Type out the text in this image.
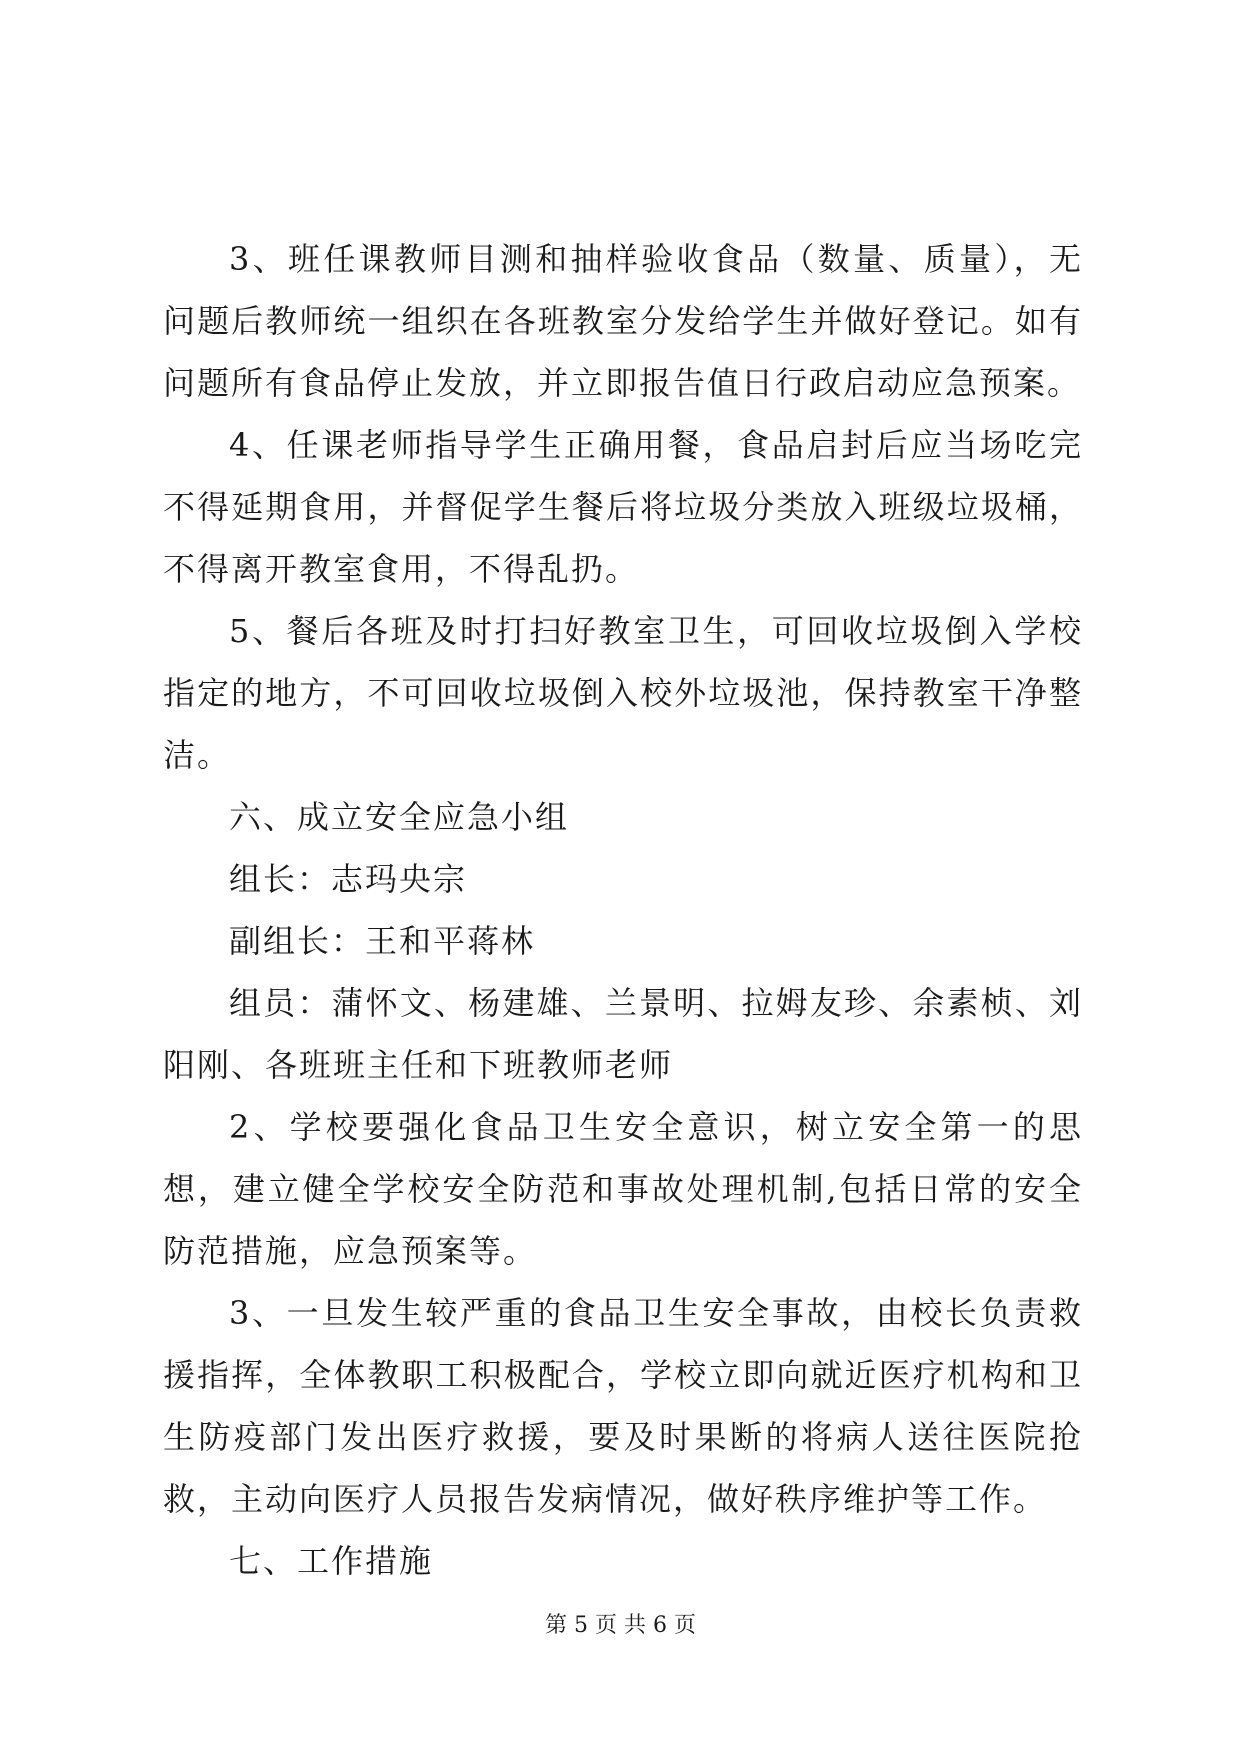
3、班任课教师目测和抽样验收食品（数量、质量），无问题后教师统一组织在各班教室分发给学生并做好登记。如有问题所有食品停止发放，并立即报告值日行政启动应急预案。

4、任课老师指导学生正确用餐，食品启封后应当场吃完不得延期食用，并督促学生餐后将垃圾分类放入班级垃圾桶，不得离开教室食用，不得乱扔。

5、餐后各班及时打扫好教室卫生，可回收垃圾倒入学校指定的地方，不可回收垃圾倒入校外垃圾池，保持教室干净整洁。

六、成立安全应急小组

组长：志玛央宗

副组长：王和平蒋林

组员：蒲怀文、杨建雄、兰景明、拉姆友珍、余素桢、刘阳刚、各班班主任和下班教师老师

2、学校要强化食品卫生安全意识，树立安全第一的思想，建立健全学校安全防范和事故处理机制,包括日常的安全防范措施，应急预案等。

3、一旦发生较严重的食品卫生安全事故，由校长负责救援指挥，全体教职工积极配合，学校立即向就近医疗机构和卫生防疫部门发出医疗救援，要及时果断的将病人送往医院抢救，主动向医疗人员报告发病情况，做好秩序维护等工作。

七、工作措施

第 5 页 共 6 页
